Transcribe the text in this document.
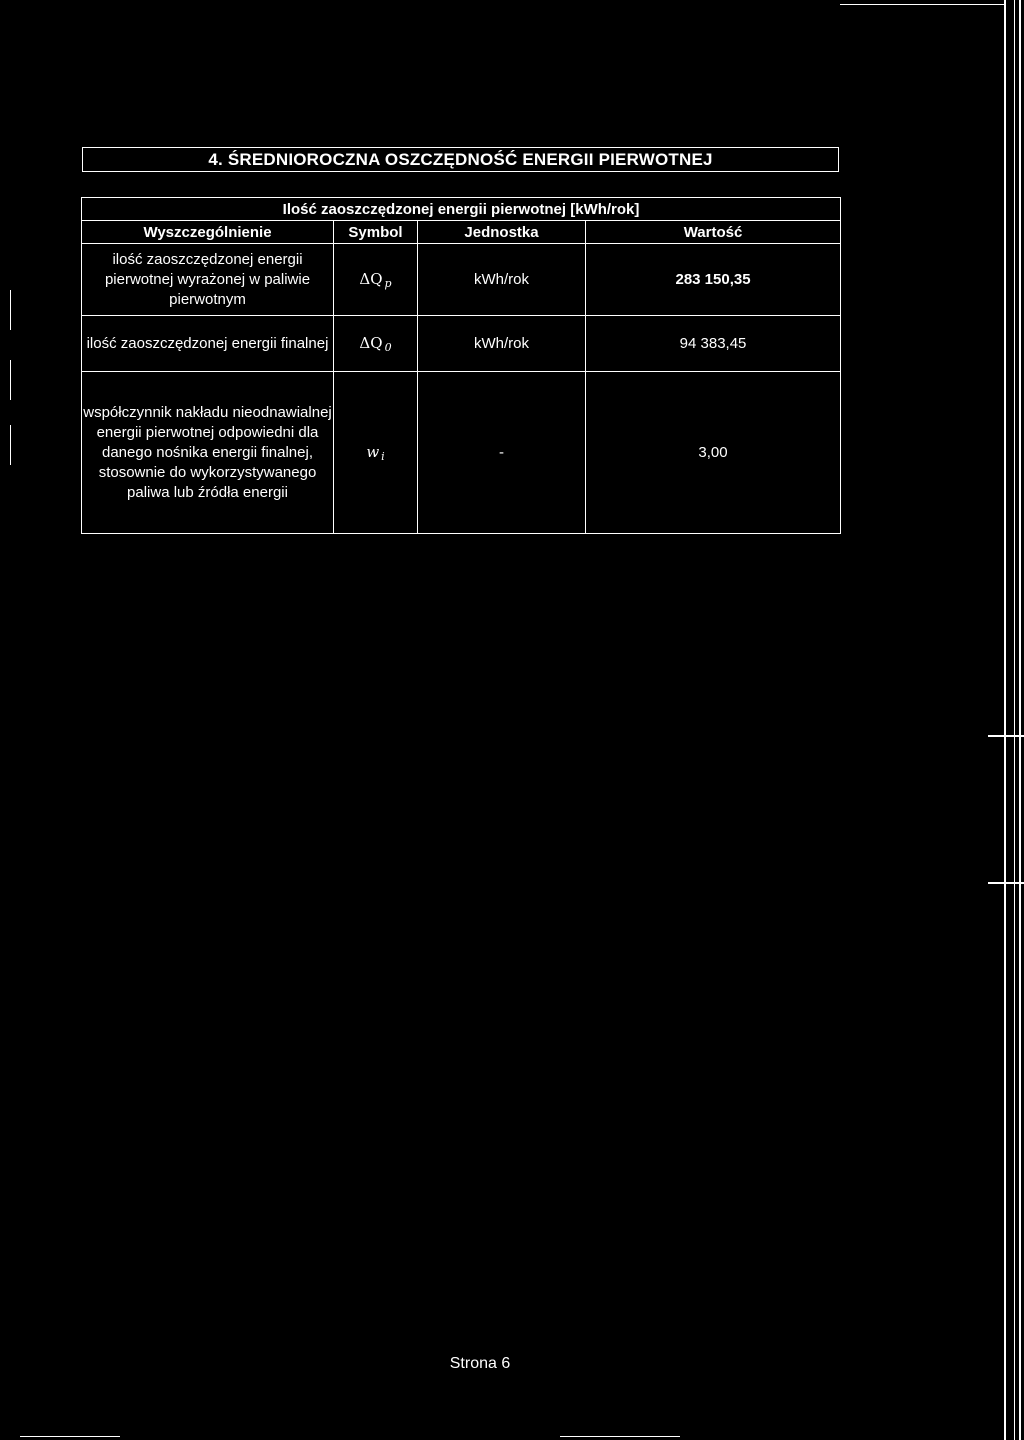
4. ŚREDNIOROCZNA OSZCZĘDNOŚĆ ENERGII PIERWOTNEJ
Ilość zaoszczędzonej energii pierwotnej [kWh/rok]			
Wyszczególnienie	Symbol	Jednostka	Wartość
ilość zaoszczędzonej energii pierwotnej wyrażonej w paliwie pierwotnym	ΔQ $_p$	kWh/rok	283 150,35
ilość zaoszczędzonej energii finalnej	ΔQ $_0$	kWh/rok	94 383,45
współczynnik nakładu nieodnawialnej energii pierwotnej odpowiedni dla danego nośnika energii finalnej, stosownie do wykorzystywanego paliwa lub źródła energii	w $_i$	-	3,00
Strona 6
